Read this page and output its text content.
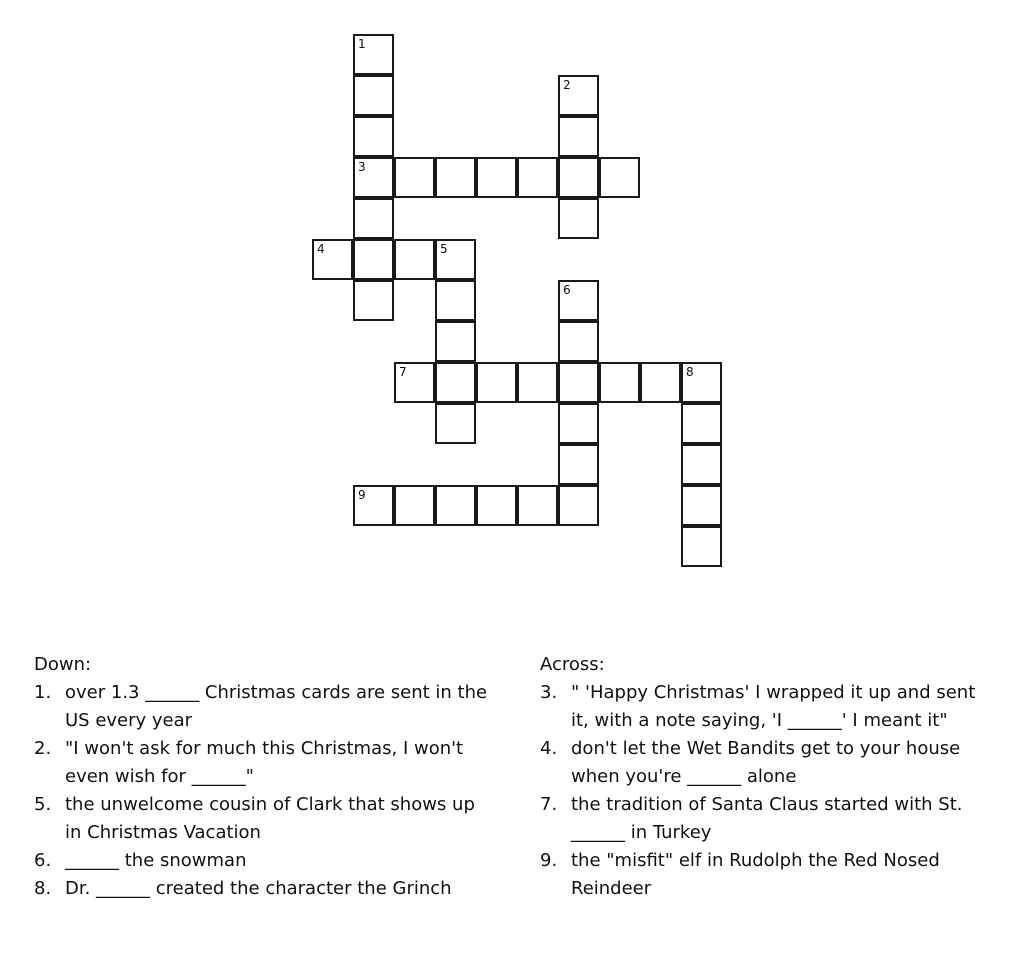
1
3
2
4	5
6
7	8
9
Down:
1. over 1.3 ______ Christmas cards are sent in the US every year
2. "I won't ask for much this Christmas, I won't even wish for ______"
5. the unwelcome cousin of Clark that shows up in Christmas Vacation
6. ______ the snowman
8. Dr. ______ created the character the Grinch
Across:
3. " 'Happy Christmas' I wrapped it up and sent it, with a note saying, 'I ______' I meant it"
4. don't let the Wet Bandits get to your house when you're ______ alone
7. the tradition of Santa Claus started with St. ______ in Turkey
9. the "misfit" elf in Rudolph the Red Nosed Reindeer
